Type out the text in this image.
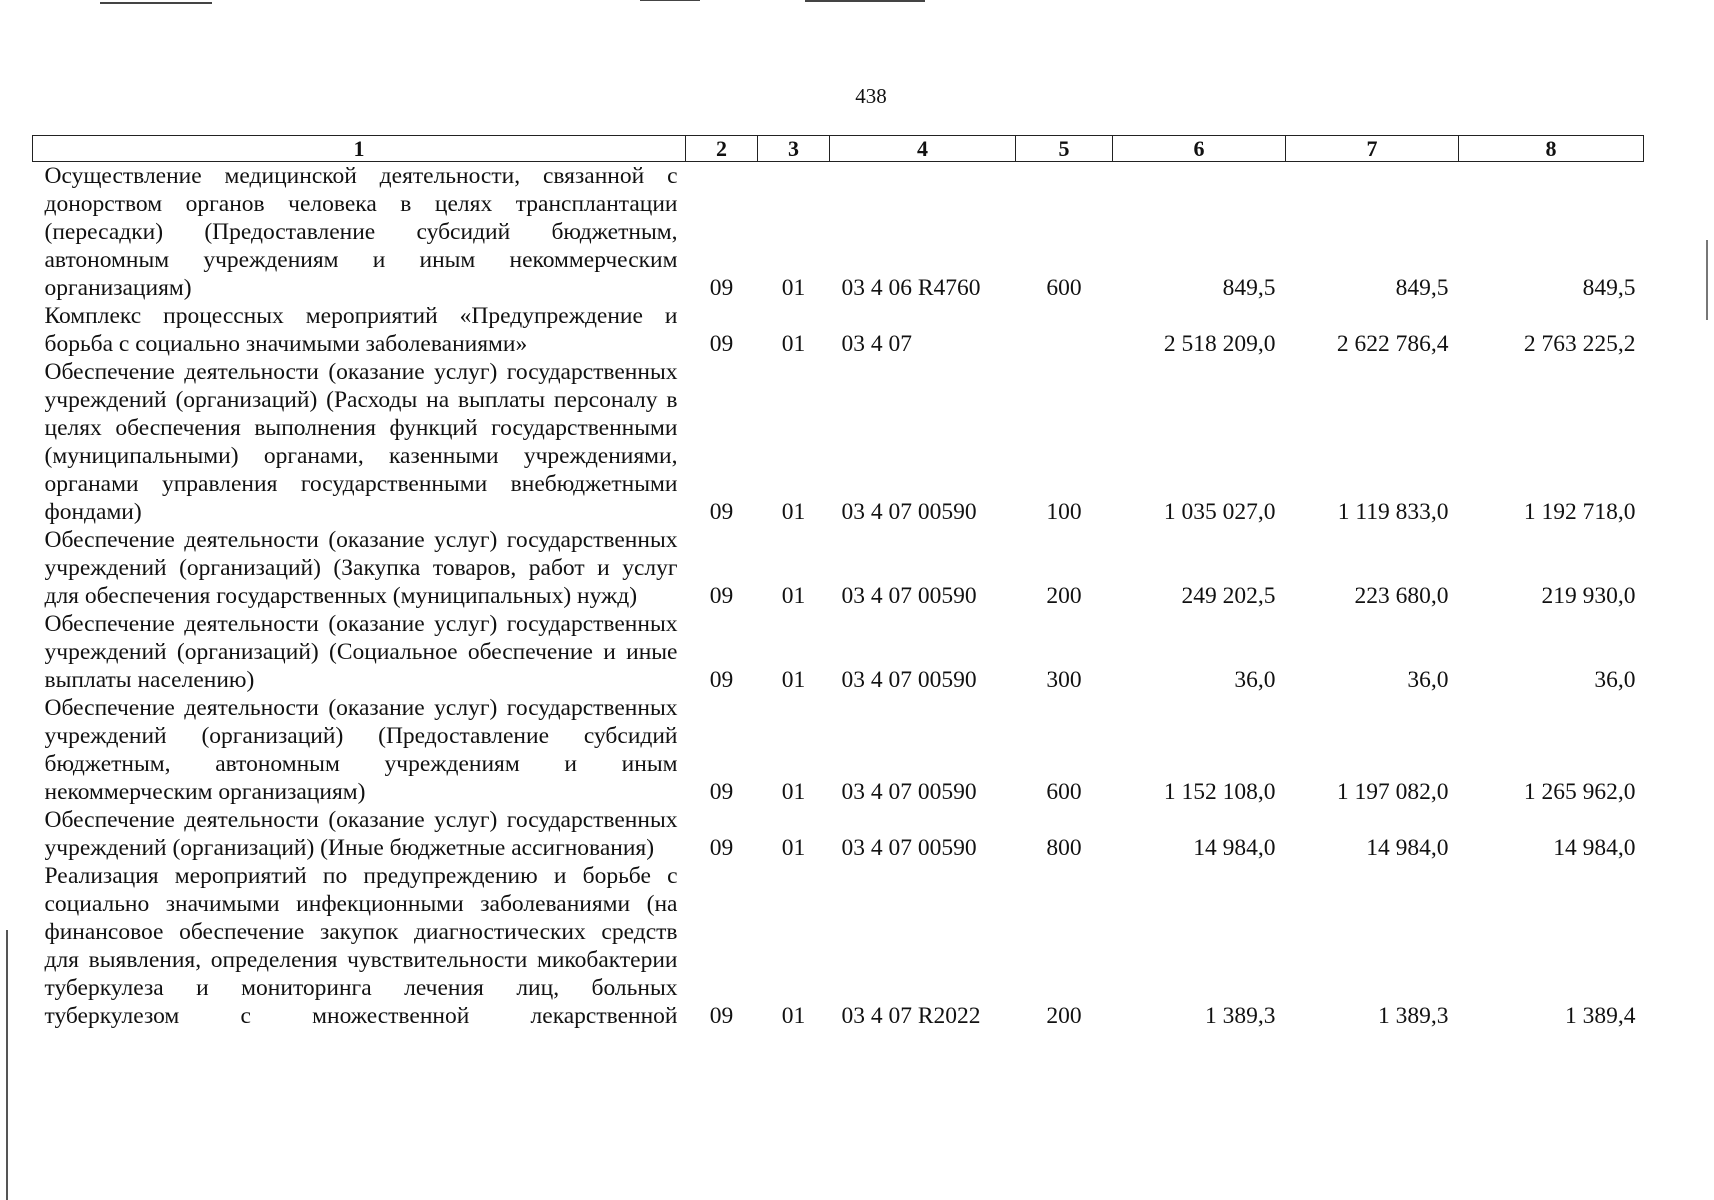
438
1	2	3	4	5	6	7	8
Осуществление медицинской деятельности, связанной с донорством органов человека в целях трансплантации (пересадки) (Предоставление субсидий бюджетным, автономным учреждениям и иным некоммерческим организациям)	09	01	03 4 06 R4760	600	849,5	849,5	849,5
Комплекс процессных мероприятий «Предупреждение и борьба с социально значимыми заболеваниями»	09	01	03 4 07		2 518 209,0	2 622 786,4	2 763 225,2
Обеспечение деятельности (оказание услуг) государственных учреждений (организаций) (Расходы на выплаты персоналу в целях обеспечения выполнения функций государственными (муниципальными) органами, казенными учреждениями, органами управления государственными внебюджетными фондами)	09	01	03 4 07 00590	100	1 035 027,0	1 119 833,0	1 192 718,0
Обеспечение деятельности (оказание услуг) государственных учреждений (организаций) (Закупка товаров, работ и услуг для обеспечения государственных (муниципальных) нужд)	09	01	03 4 07 00590	200	249 202,5	223 680,0	219 930,0
Обеспечение деятельности (оказание услуг) государственных учреждений (организаций) (Социальное обеспечение и иные выплаты населению)	09	01	03 4 07 00590	300	36,0	36,0	36,0
Обеспечение деятельности (оказание услуг) государственных учреждений (организаций) (Предоставление субсидий бюджетным, автономным учреждениям и иным некоммерческим организациям)	09	01	03 4 07 00590	600	1 152 108,0	1 197 082,0	1 265 962,0
Обеспечение деятельности (оказание услуг) государственных учреждений (организаций) (Иные бюджетные ассигнования)	09	01	03 4 07 00590	800	14 984,0	14 984,0	14 984,0
Реализация мероприятий по предупреждению и борьбе с социально значимыми инфекционными заболеваниями (на финансовое обеспечение закупок диагностических средств для выявления, определения чувствительности микобактерии туберкулеза и мониторинга лечения лиц, больных туберкулезом с множественной лекарственной	09	01	03 4 07 R2022	200	1 389,3	1 389,3	1 389,4
